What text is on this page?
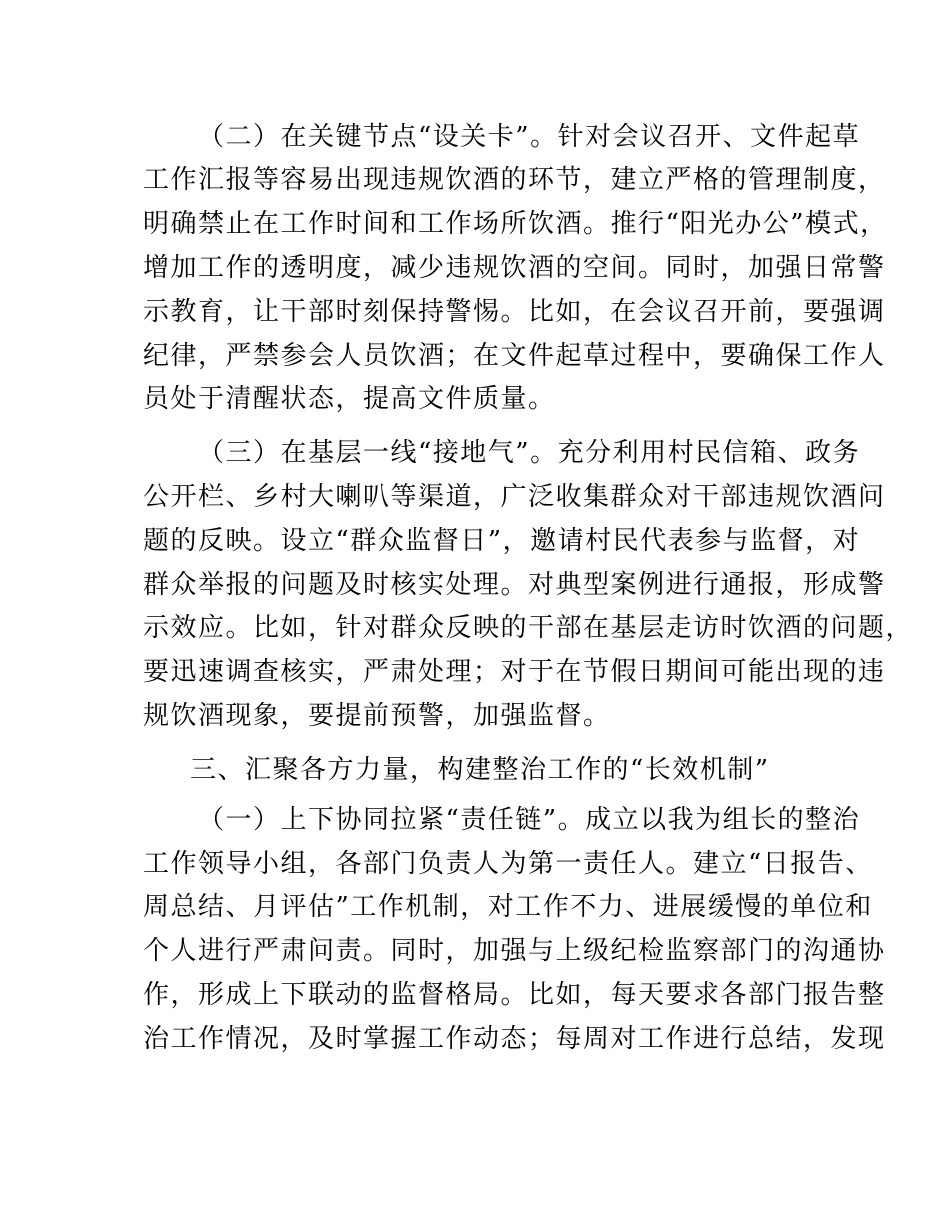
（二）在关键节点“设关卡”。针对会议召开、文件起草
工作汇报等容易出现违规饮酒的环节，建立严格的管理制度，
明确禁止在工作时间和工作场所饮酒。推行“阳光办公”模式，
增加工作的透明度，减少违规饮酒的空间。同时，加强日常警
示教育，让干部时刻保持警惕。比如，在会议召开前，要强调
纪律，严禁参会人员饮酒；在文件起草过程中，要确保工作人
员处于清醒状态，提高文件质量。
（三）在基层一线“接地气”。充分利用村民信箱、政务
公开栏、乡村大喇叭等渠道，广泛收集群众对干部违规饮酒问
题的反映。设立“群众监督日”，邀请村民代表参与监督，对
群众举报的问题及时核实处理。对典型案例进行通报，形成警
示效应。比如，针对群众反映的干部在基层走访时饮酒的问题，
要迅速调查核实，严肃处理；对于在节假日期间可能出现的违
规饮酒现象，要提前预警，加强监督。
三、汇聚各方力量，构建整治工作的“长效机制”
（一）上下协同拉紧“责任链”。成立以我为组长的整治
工作领导小组，各部门负责人为第一责任人。建立“日报告、
周总结、月评估”工作机制，对工作不力、进展缓慢的单位和
个人进行严肃问责。同时，加强与上级纪检监察部门的沟通协
作，形成上下联动的监督格局。比如，每天要求各部门报告整
治工作情况，及时掌握工作动态；每周对工作进行总结，发现
